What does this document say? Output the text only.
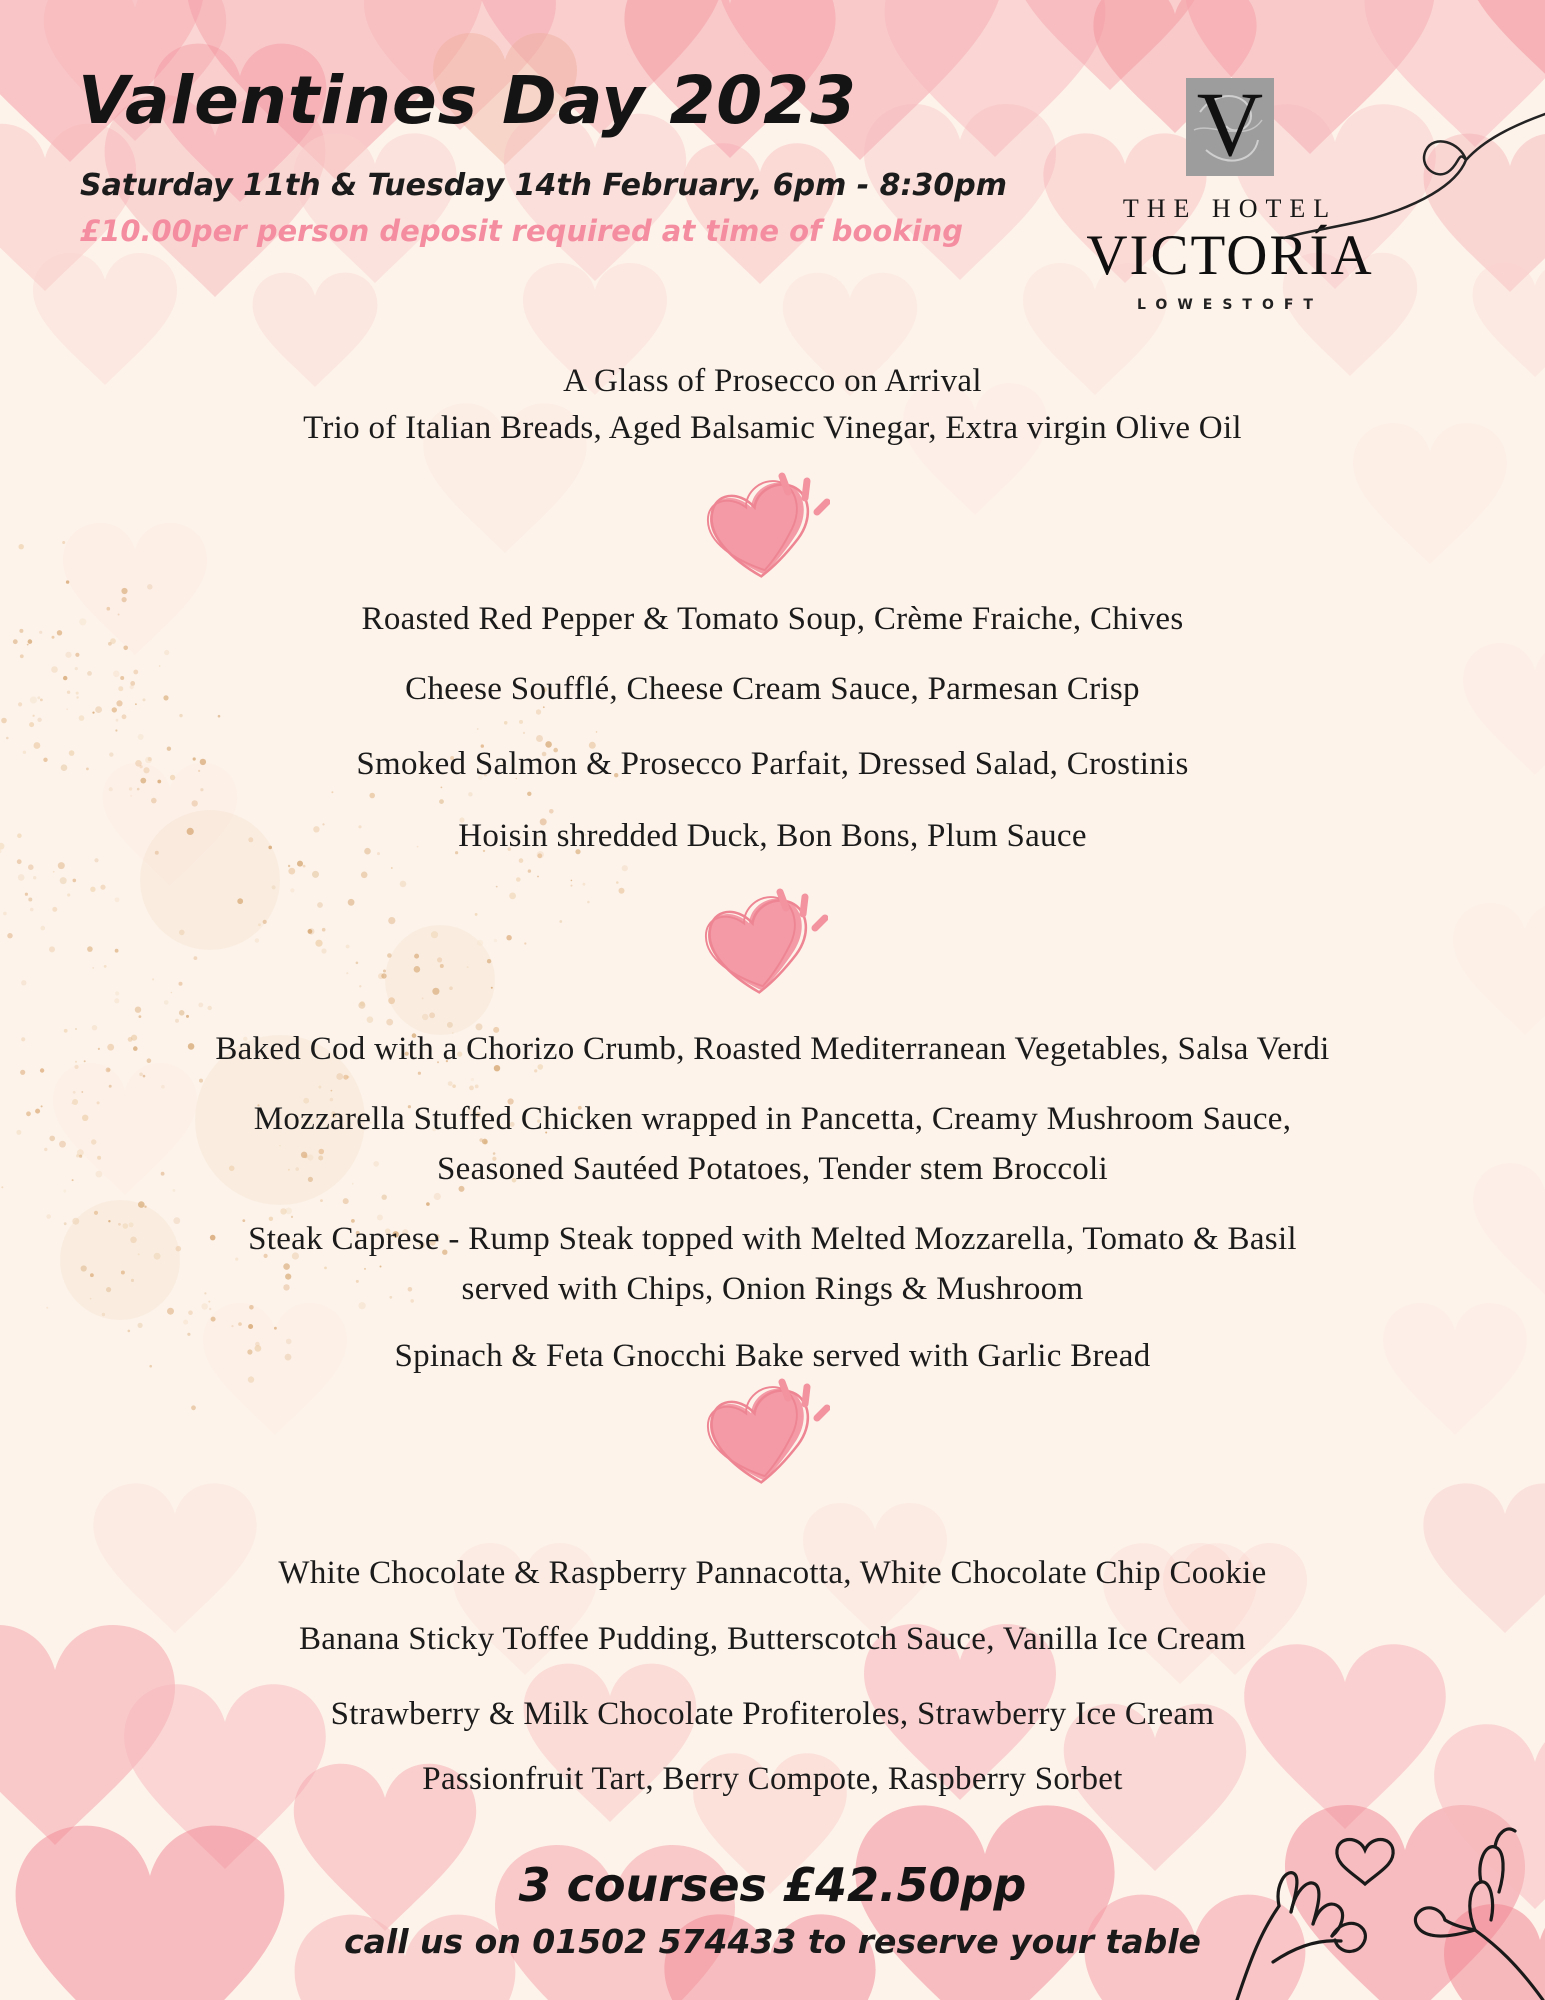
Valentines Day 2023
Saturday 11th & Tuesday 14th February, 6pm - 8:30pm
£10.00per person deposit required at time of booking
V
THE HOTEL
VICTORÍA
LOWESTOFT
A Glass of Prosecco on Arrival
Trio of Italian Breads, Aged Balsamic Vinegar, Extra virgin Olive Oil
Roasted Red Pepper & Tomato Soup, Crème Fraiche, Chives
Cheese Soufflé, Cheese Cream Sauce, Parmesan Crisp
Smoked Salmon & Prosecco Parfait, Dressed Salad, Crostinis
Hoisin shredded Duck, Bon Bons, Plum Sauce
Baked Cod with a Chorizo Crumb, Roasted Mediterranean Vegetables, Salsa Verdi
Mozzarella Stuffed Chicken wrapped in Pancetta, Creamy Mushroom Sauce,
Seasoned Sautéed Potatoes, Tender stem Broccoli
Steak Caprese - Rump Steak topped with Melted Mozzarella, Tomato & Basil
served with Chips, Onion Rings & Mushroom
Spinach & Feta Gnocchi Bake served with Garlic Bread
White Chocolate & Raspberry Pannacotta, White Chocolate Chip Cookie
Banana Sticky Toffee Pudding, Butterscotch Sauce, Vanilla Ice Cream
Strawberry & Milk Chocolate Profiteroles, Strawberry Ice Cream
Passionfruit Tart, Berry Compote, Raspberry Sorbet
3 courses £42.50pp
call us on 01502 574433 to reserve your table
